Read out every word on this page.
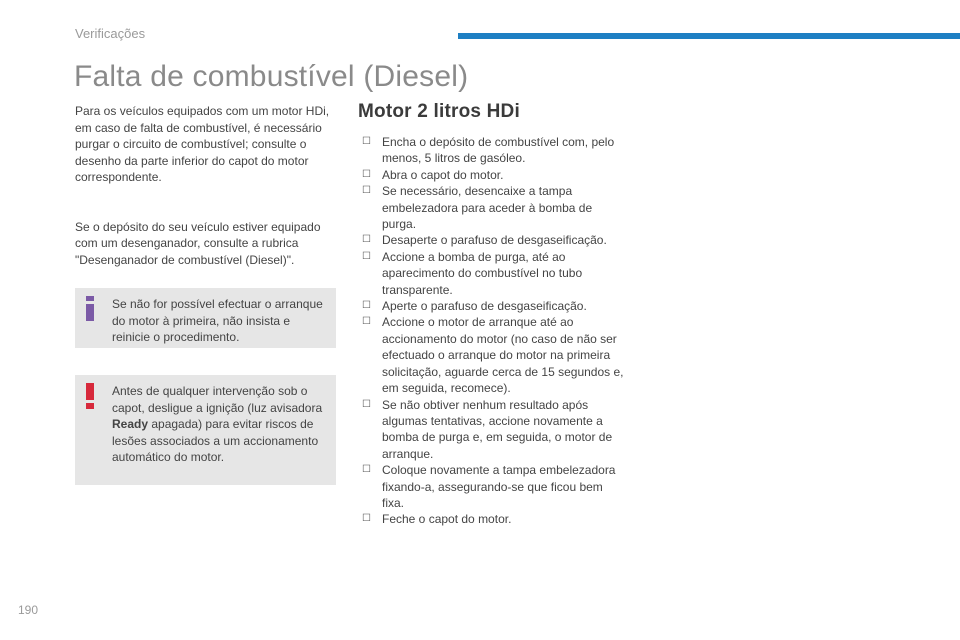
Verificações
Falta de combustível (Diesel)

Para os veículos equipados com um motor HDi, em caso de falta de combustível, é necessário purgar o circuito de combustível; consulte o desenho da parte inferior do capot do motor correspondente.

Se o depósito do seu veículo estiver equipado com um desenganador, consulte a rubrica "Desenganador de combustível (Diesel)".

Se não for possível efectuar o arranque do motor à primeira, não insista e reinicie o procedimento.
Antes de qualquer intervenção sob o capot, desligue a ignição (luz avisadora Ready apagada) para evitar riscos de lesões associados a um accionamento automático do motor.
Motor 2 litros HDi
☐ Encha o depósito de combustível com, pelo menos, 5 litros de gasóleo.
☐ Abra o capot do motor.
☐ Se necessário, desencaixe a tampa embelezadora para aceder à bomba de purga.
☐ Desaperte o parafuso de desgaseificação.
☐ Accione a bomba de purga, até ao aparecimento do combustível no tubo transparente.
☐ Aperte o parafuso de desgaseificação.
☐ Accione o motor de arranque até ao accionamento do motor (no caso de não ser efectuado o arranque do motor na primeira solicitação, aguarde cerca de 15 segundos e, em seguida, recomece).
☐ Se não obtiver nenhum resultado após algumas tentativas, accione novamente a bomba de purga e, em seguida, o motor de arranque.
☐ Coloque novamente a tampa embelezadora fixando-a, assegurando-se que ficou bem fixa.
☐ Feche o capot do motor.
190
